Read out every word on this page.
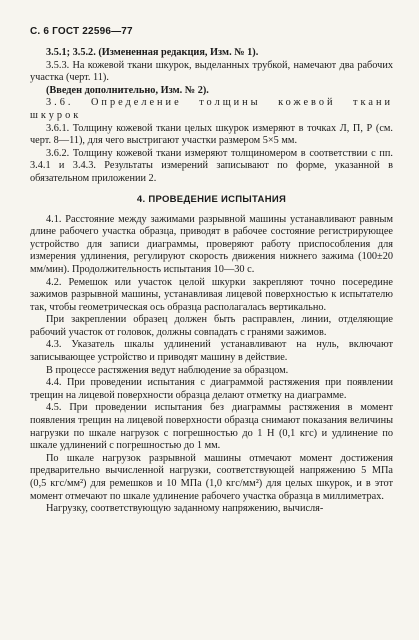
С. 6 ГОСТ 22596—77

3.5.1; 3.5.2. (Измененная редакция, Изм. № 1).

3.5.3. На кожевой ткани шкурок, выделанных трубкой, намечают два рабочих участка (черт. 11).

(Введен дополнительно, Изм. № 2).

3.6. Определение толщины кожевой ткани шкурок

3.6.1. Толщину кожевой ткани целых шкурок измеряют в точках Л, П, Р (см. черт. 8—11), для чего выстригают участки размером 5×5 мм.

3.6.2. Толщину кожевой ткани измеряют толщиномером в соответствии с пп. 3.4.1 и 3.4.3. Результаты измерений записывают по форме, указанной в обязательном приложении 2.

4. ПРОВЕДЕНИЕ ИСПЫТАНИЯ

4.1. Расстояние между зажимами разрывной машины устанавливают равным длине рабочего участка образца, приводят в рабочее состояние регистрирующее устройство для записи диаграммы, проверяют работу приспособления для измерения удлинения, регулируют скорость движения нижнего зажима (100±20 мм/мин). Продолжительность испытания 10—30 с.

4.2. Ремешок или участок целой шкурки закрепляют точно посередине зажимов разрывной машины, устанавливая лицевой поверхностью к испытателю так, чтобы геометрическая ось образца располагалась вертикально.

При закреплении образец должен быть расправлен, линии, отделяющие рабочий участок от головок, должны совпадать с гранями зажимов.

4.3. Указатель шкалы удлинений устанавливают на нуль, включают записывающее устройство и приводят машину в действие.

В процессе растяжения ведут наблюдение за образцом.

4.4. При проведении испытания с диаграммой растяжения при появлении трещин на лицевой поверхности образца делают отметку на диаграмме.

4.5. При проведении испытания без диаграммы растяжения в момент появления трещин на лицевой поверхности образца снимают показания величины нагрузки по шкале нагрузок с погрешностью до 1 Н (0,1 кгс) и удлинение по шкале удлинений с погрешностью до 1 мм.

По шкале нагрузок разрывной машины отмечают момент достижения предварительно вычисленной нагрузки, соответствующей напряжению 5 МПа (0,5 кгс/мм²) для ремешков и 10 МПа (1,0 кгс/мм²) для целых шкурок, и в этот момент отмечают по шкале удлинение рабочего участка образца в миллиметрах.

Нагрузку, соответствующую заданному напряжению, вычисля-
